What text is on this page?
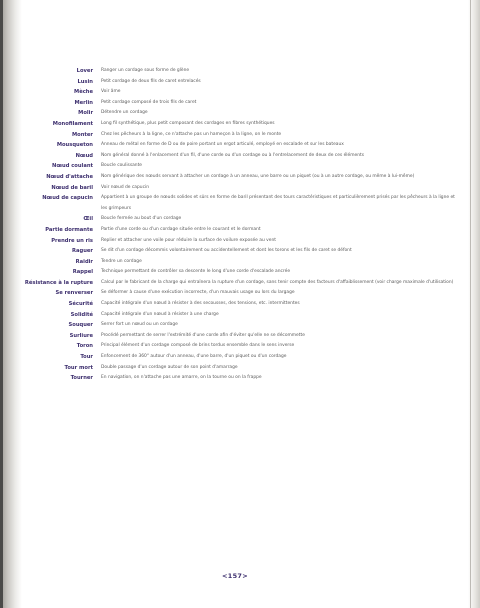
Lover Ranger un cordage sous forme de glène
Lusin Petit cordage de deux fils de caret entrelacés
Mèche Voir âme
Merlin Petit cordage composé de trois fils de caret
Molir Détendre un cordage
Monofilament Long fil synthétique, plus petit composant des cordages en fibres synthétiques
Monter Chez les pêcheurs à la ligne, ce n'attache pas un hameçon à la ligne, on le monte
Mousqueton Anneau de métal en forme de D ou de poire portant un ergot articulé, employé en escalade et sur les bateaux
Nœud Nom général donné à l'enlacement d'un fil, d'une corde ou d'un cordage ou à l'entrelacement de deux de ces éléments
Nœud coulant Boucle coulissante
Nœud d'attache Nom générique des nœuds servant à attacher un cordage à un anneau, une barre ou un piquet (ou à un autre cordage, ou même à lui-même)
Nœud de baril Voir nœud de capucin
Nœud de capucin Appartient à un groupe de nœuds solides et sûrs en forme de baril présentant des tours caractéristiques et particulièrement prisés par les pêcheurs à la ligne et les grimpeurs
Œil Boucle fermée au bout d'un cordage
Partie dormante Partie d'une corde ou d'un cordage située entre le courant et le dormant
Prendre un ris Replier et attacher une voile pour réduire la surface de voilure exposée au vent
Raguer Se dit d'un cordage décommis volontairement ou accidentellement et dont les torons et les fils de caret se défont
Raidir Tendre un cordage
Rappel Technique permettant de contrôler sa descente le long d'une corde d'escalade ancrée
Résistance à la rupture Calcul par le fabricant de la charge qui entraînera la rupture d'un cordage, sans tenir compte des facteurs d'affaiblissement (voir charge maximale d'utilisation)
Se renverser Se déformer à cause d'une exécution incorrecte, d'un mauvais usage ou lors du largage
Sécurité Capacité intégrale d'un nœud à résister à des secousses, des tensions, etc. intermittentes
Solidité Capacité intégrale d'un nœud à résister à une charge
Souquer Serrer fort un nœud ou un cordage
Surliure Procédé permettant de serrer l'extrémité d'une corde afin d'éviter qu'elle ne se décommette
Toron Principal élément d'un cordage composé de brins tordus ensemble dans le sens inverse
Tour Enfoncement de 360° autour d'un anneau, d'une barre, d'un piquet ou d'un cordage
Tour mort Double passage d'un cordage autour de son point d'amarrage
Tourner En navigation, on n'attache pas une amarre, on la tourne ou on la frappe
<157>
